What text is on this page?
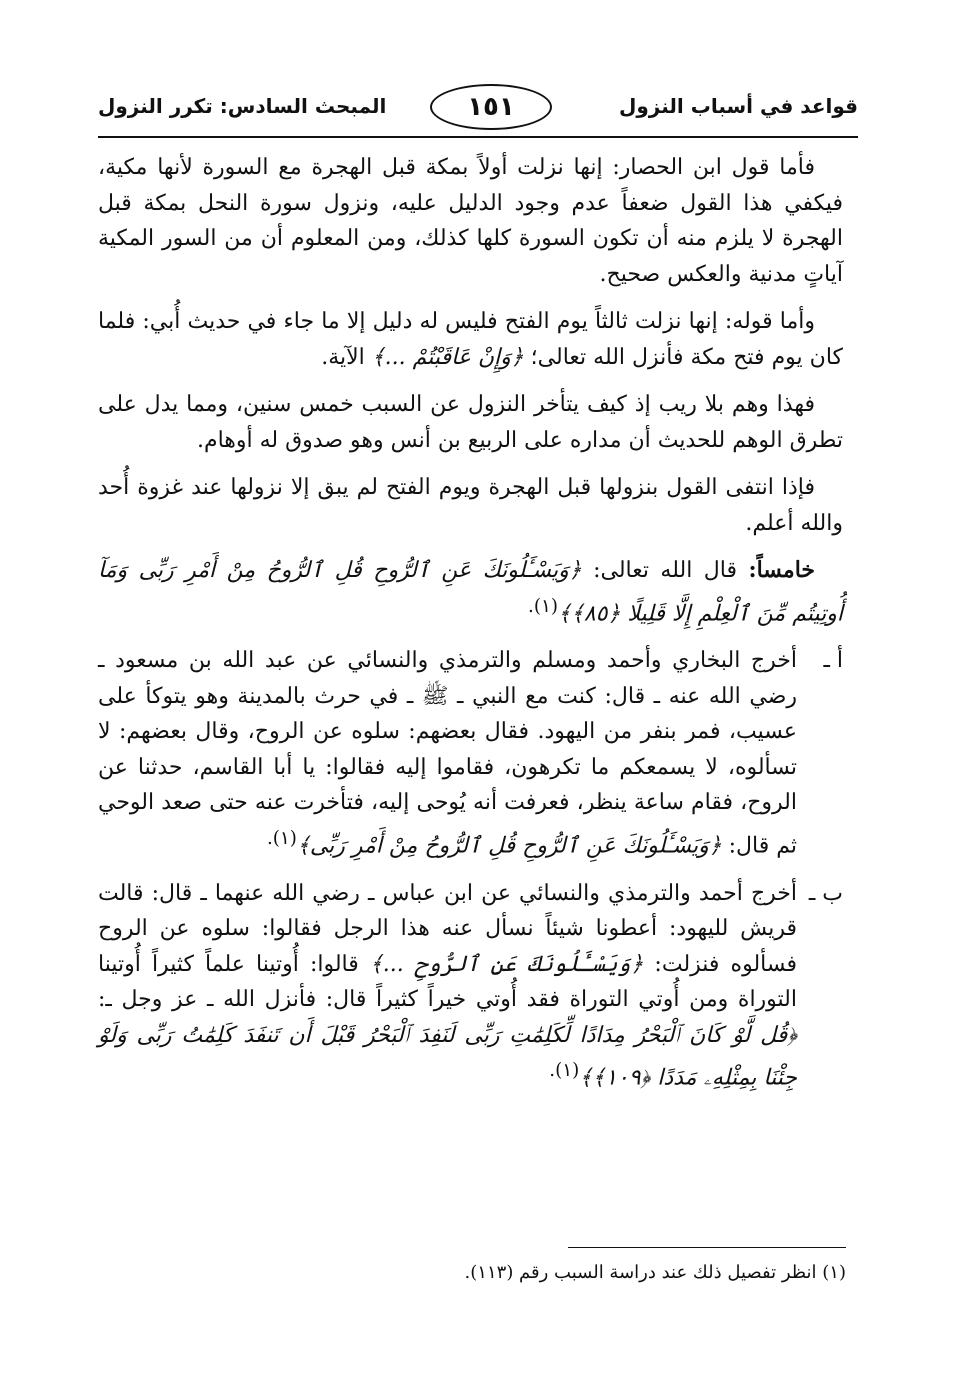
قواعد في أسباب النزول
١٥١
المبحث السادس: تكرر النزول

فأما قول ابن الحصار: إنها نزلت أولاً بمكة قبل الهجرة مع السورة لأنها مكية، فيكفي هذا القول ضعفاً عدم وجود الدليل عليه، ونزول سورة النحل بمكة قبل الهجرة لا يلزم منه أن تكون السورة كلها كذلك، ومن المعلوم أن من السور المكية آياتٍ مدنية والعكس صحيح.

وأما قوله: إنها نزلت ثالثاً يوم الفتح فليس له دليل إلا ما جاء في حديث أُبي: فلما كان يوم فتح مكة فأنزل الله تعالى؛ ﴿وَإِنْ عَاقَبْتُمْ ...﴾ الآية.

فهذا وهم بلا ريب إذ كيف يتأخر النزول عن السبب خمس سنين، ومما يدل على تطرق الوهم للحديث أن مداره على الربيع بن أنس وهو صدوق له أوهام.

فإذا انتفى القول بنزولها قبل الهجرة ويوم الفتح لم يبق إلا نزولها عند غزوة أُحد والله أعلم.

خامساً: قال الله تعالى: ﴿وَيَسْـَٔلُونَكَ عَنِ ٱلرُّوحِ قُلِ ٱلرُّوحُ مِنْ أَمْرِ رَبِّى وَمَآ أُوتِيتُم مِّنَ ٱلْعِلْمِ إِلَّا قَلِيلًا ﴿٨٥﴾﴾$^{(١).}$

أ ـ
أخرج البخاري وأحمد ومسلم والترمذي والنسائي عن عبد الله بن مسعود ـ رضي الله عنه ـ قال: كنت مع النبي ـ ﷺ ـ في حرث بالمدينة وهو يتوكأ على عسيب، فمر بنفر من اليهود. فقال بعضهم: سلوه عن الروح، وقال بعضهم: لا تسألوه، لا يسمعكم ما تكرهون، فقاموا إليه فقالوا: يا أبا القاسم، حدثنا عن الروح، فقام ساعة ينظر، فعرفت أنه يُوحى إليه، فتأخرت عنه حتى صعد الوحي ثم قال: ﴿وَيَسْـَٔلُونَكَ عَنِ ٱلرُّوحِ قُلِ ٱلرُّوحُ مِنْ أَمْرِ رَبِّى﴾$^{(١).}$

ب ـ
أخرج أحمد والترمذي والنسائي عن ابن عباس ـ رضي الله عنهما ـ قال: قالت قريش لليهود: أعطونا شيئاً نسأل عنه هذا الرجل فقالوا: سلوه عن الروح فسألوه فنزلت: ﴿وَيَسْـَٔلُونَكَ عَنِ ٱلرُّوحِ ...﴾ قالوا: أُوتينا علماً كثيراً أُوتينا التوراة ومن أُوتي التوراة فقد أُوتي خيراً كثيراً قال: فأنزل الله ـ عز وجل ـ: ﴿قُل لَّوْ كَانَ ٱلْبَحْرُ مِدَادًا لِّكَلِمَٰتِ رَبِّى لَنَفِدَ ٱلْبَحْرُ قَبْلَ أَن تَنفَدَ كَلِمَٰتُ رَبِّى وَلَوْ جِئْنَا بِمِثْلِهِۦ مَدَدًا ﴿١٠٩﴾﴾$^{(١).}$

(١) انظر تفصيل ذلك عند دراسة السبب رقم (١١٣).
